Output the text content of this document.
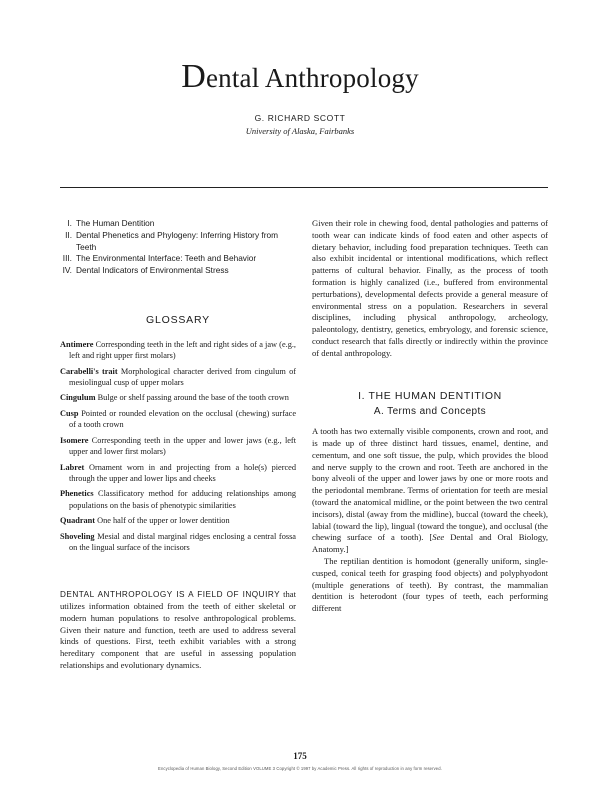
Dental Anthropology
G. RICHARD SCOTT
University of Alaska, Fairbanks
I. The Human Dentition
II. Dental Phenetics and Phylogeny: Inferring History from Teeth
III. The Environmental Interface: Teeth and Behavior
IV. Dental Indicators of Environmental Stress
GLOSSARY
Antimere Corresponding teeth in the left and right sides of a jaw (e.g., left and right upper first molars)
Carabelli's trait Morphological character derived from cingulum of mesiolingual cusp of upper molars
Cingulum Bulge or shelf passing around the base of the tooth crown
Cusp Pointed or rounded elevation on the occlusal (chewing) surface of a tooth crown
Isomere Corresponding teeth in the upper and lower jaws (e.g., left upper and lower first molars)
Labret Ornament worn in and projecting from a hole(s) pierced through the upper and lower lips and cheeks
Phenetics Classificatory method for adducing relationships among populations on the basis of phenotypic similarities
Quadrant One half of the upper or lower dentition
Shoveling Mesial and distal marginal ridges enclosing a central fossa on the lingual surface of the incisors
DENTAL ANTHROPOLOGY IS A FIELD OF INQUIRY that utilizes information obtained from the teeth of either skeletal or modern human populations to resolve anthropological problems. Given their nature and function, teeth are used to address several kinds of questions. First, teeth exhibit variables with a strong hereditary component that are useful in assessing population relationships and evolutionary dynamics.
Given their role in chewing food, dental pathologies and patterns of tooth wear can indicate kinds of food eaten and other aspects of dietary behavior, including food preparation techniques. Teeth can also exhibit incidental or intentional modifications, which reflect patterns of cultural behavior. Finally, as the process of tooth formation is highly canalized (i.e., buffered from environmental perturbations), developmental defects provide a general measure of environmental stress on a population. Researchers in several disciplines, including physical anthropology, archeology, paleontology, dentistry, genetics, embryology, and forensic science, conduct research that falls directly or indirectly within the province of dental anthropology.
I. THE HUMAN DENTITION
A. Terms and Concepts
A tooth has two externally visible components, crown and root, and is made up of three distinct hard tissues, enamel, dentine, and cementum, and one soft tissue, the pulp, which provides the blood and nerve supply to the crown and root. Teeth are anchored in the bony alveoli of the upper and lower jaws by one or more roots and the periodontal membrane. Terms of orientation for teeth are mesial (toward the anatomical midline, or the point between the two central incisors), distal (away from the midline), buccal (toward the cheek), labial (toward the lip), lingual (toward the tongue), and occlusal (the chewing surface of a tooth). [See Dental and Oral Biology, Anatomy.]
The reptilian dentition is homodont (generally uniform, single-cusped, conical teeth for grasping food objects) and polyphyodont (multiple generations of teeth). By contrast, the mammalian dentition is heterodont (four types of teeth, each performing different
175
Encyclopedia of Human Biology, Second Edition VOLUME 3 Copyright © 1997 by Academic Press. All rights of reproduction in any form reserved.
